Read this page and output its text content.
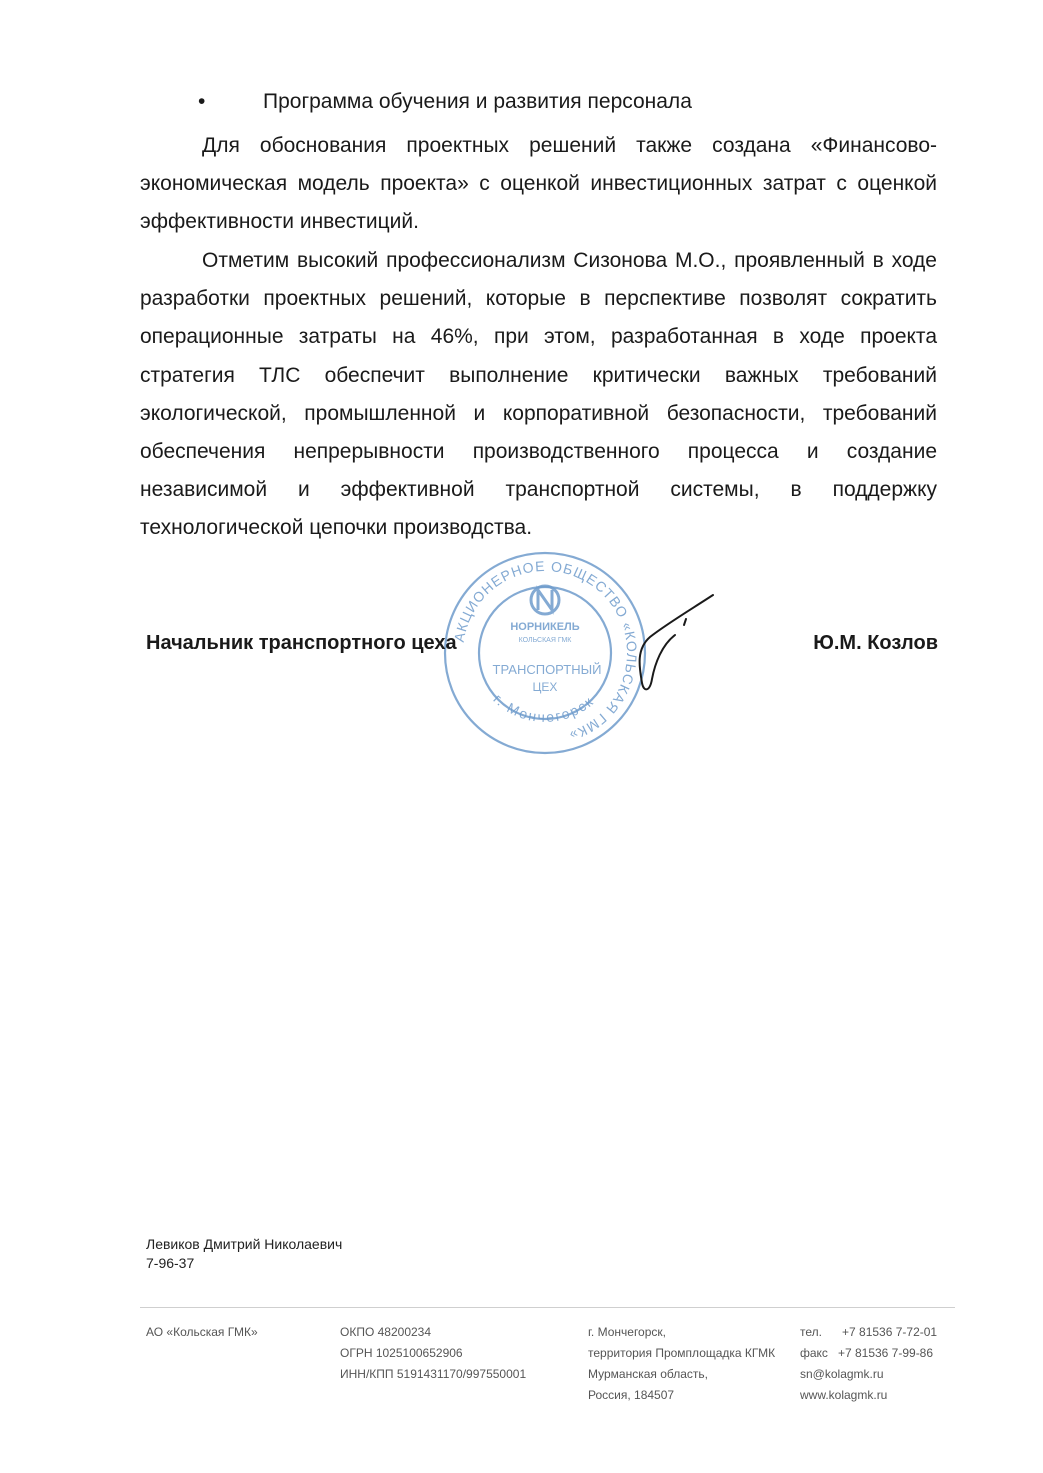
•	Программа обучения и развития персонала

Для обоснования проектных решений также создана «Финансово-экономическая модель проекта» с оценкой инвестиционных затрат с оценкой эффективности инвестиций.

Отметим высокий профессионализм Сизонова М.О., проявленный в ходе разработки проектных решений, которые в перспективе позволят сократить операционные затраты на 46%, при этом, разработанная в ходе проекта стратегия ТЛС обеспечит выполнение критически важных требований экологической, промышленной и корпоративной безопасности, требований обеспечения непрерывности производственного процесса и создание независимой и эффективной транспортной системы, в поддержку технологической цепочки производства.

АКЦИОНЕРНОЕ ОБЩЕСТВО «КОЛЬСКАЯ ГМК»
г. Мончегорск
НОРНИКЕЛЬ
КОЛЬСКАЯ ГМК
ТРАНСПОРТНЫЙ
ЦЕХ
Начальник транспортного цеха	Ю.М. Козлов
Левиков Дмитрий Николаевич
7-96-37
АО «Кольская ГМК»	ОКПО 48200234
ОГРН 1025100652906
ИНН/КПП 5191431170/997550001
г. Мончегорск,
территория Промплощадка КГМК
Мурманская область,
Россия, 184507
тел. +7 81536 7-72-01
факс +7 81536 7-99-86
sn@kolagmk.ru
www.kolagmk.ru
